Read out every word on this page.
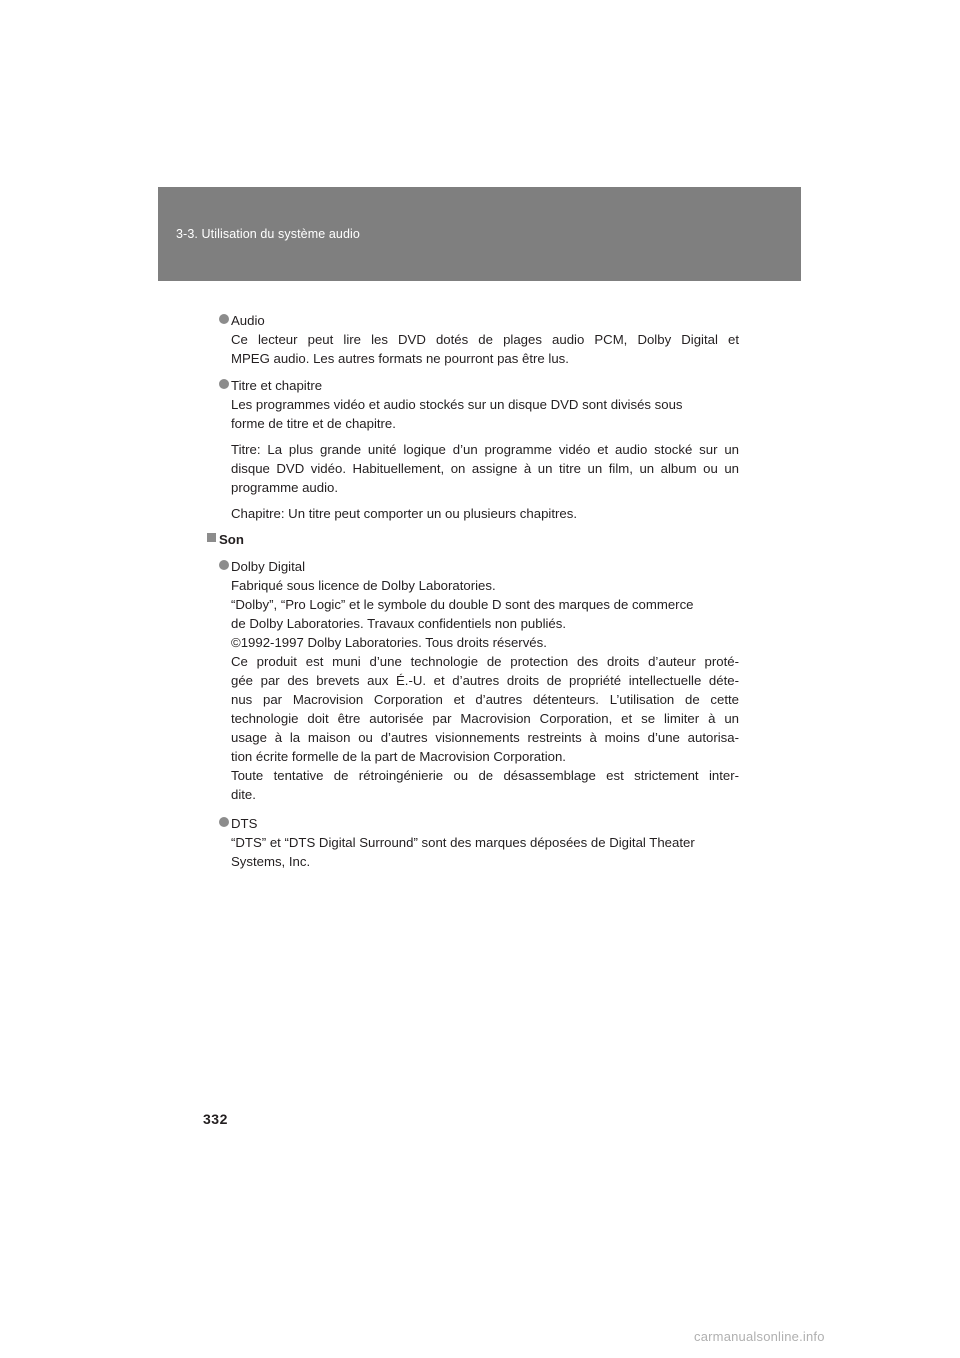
3-3. Utilisation du système audio
Audio
Ce lecteur peut lire les DVD dotés de plages audio PCM, Dolby Digital et
MPEG audio. Les autres formats ne pourront pas être lus.
Titre et chapitre
Les programmes vidéo et audio stockés sur un disque DVD sont divisés sous
forme de titre et de chapitre.
Titre: La plus grande unité logique d’un programme vidéo et audio stocké sur un
disque DVD vidéo. Habituellement, on assigne à un titre un film, un album ou un
programme audio.
Chapitre: Un titre peut comporter un ou plusieurs chapitres.
Son
Dolby Digital
Fabriqué sous licence de Dolby Laboratories.
“Dolby”, “Pro Logic” et le symbole du double D sont des marques de commerce
de Dolby Laboratories. Travaux confidentiels non publiés.
©1992-1997 Dolby Laboratories. Tous droits réservés.
Ce produit est muni d’une technologie de protection des droits d’auteur proté-
gée par des brevets aux É.-U. et d’autres droits de propriété intellectuelle déte-
nus par Macrovision Corporation et d’autres détenteurs. L’utilisation de cette
technologie doit être autorisée par Macrovision Corporation, et se limiter à un
usage à la maison ou d’autres visionnements restreints à moins d’une autorisa-
tion écrite formelle de la part de Macrovision Corporation.
Toute tentative de rétroingénierie ou de désassemblage est strictement inter-
dite.
DTS
“DTS” et “DTS Digital Surround” sont des marques déposées de Digital Theater
Systems, Inc.
332
carmanualsonline.info
